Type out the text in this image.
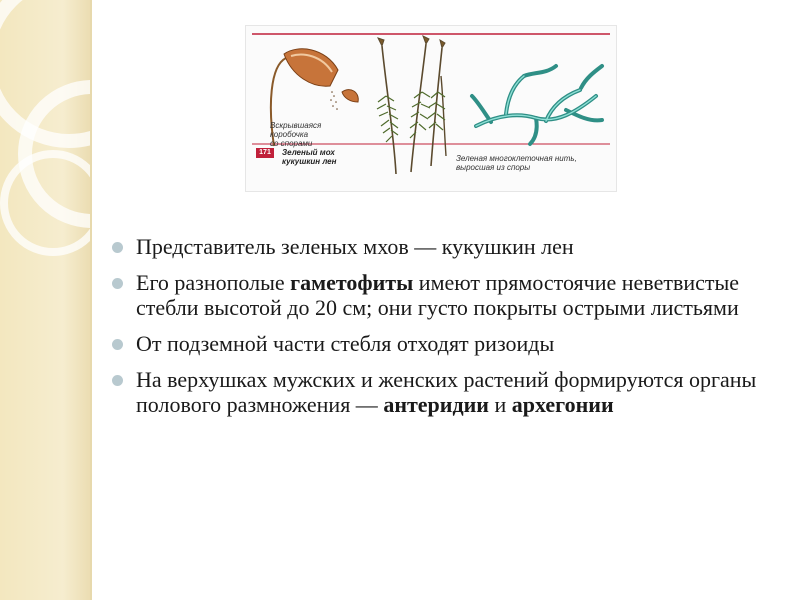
Вскрывшаяся коробочка
со спорами
171	Зеленый мох кукушкин лен	Зеленая многоклеточная нить,
выросшая из споры
Представитель зеленых мхов — кукушкин лен
Его разнополые гаметофиты имеют прямостоячие неветвистые стебли высотой до 20 см; они густо покрыты острыми листьями
От подземной части стебля отходят ризоиды
На верхушках мужских и женских растений формируются органы полового размножения — антеридии и архегонии
